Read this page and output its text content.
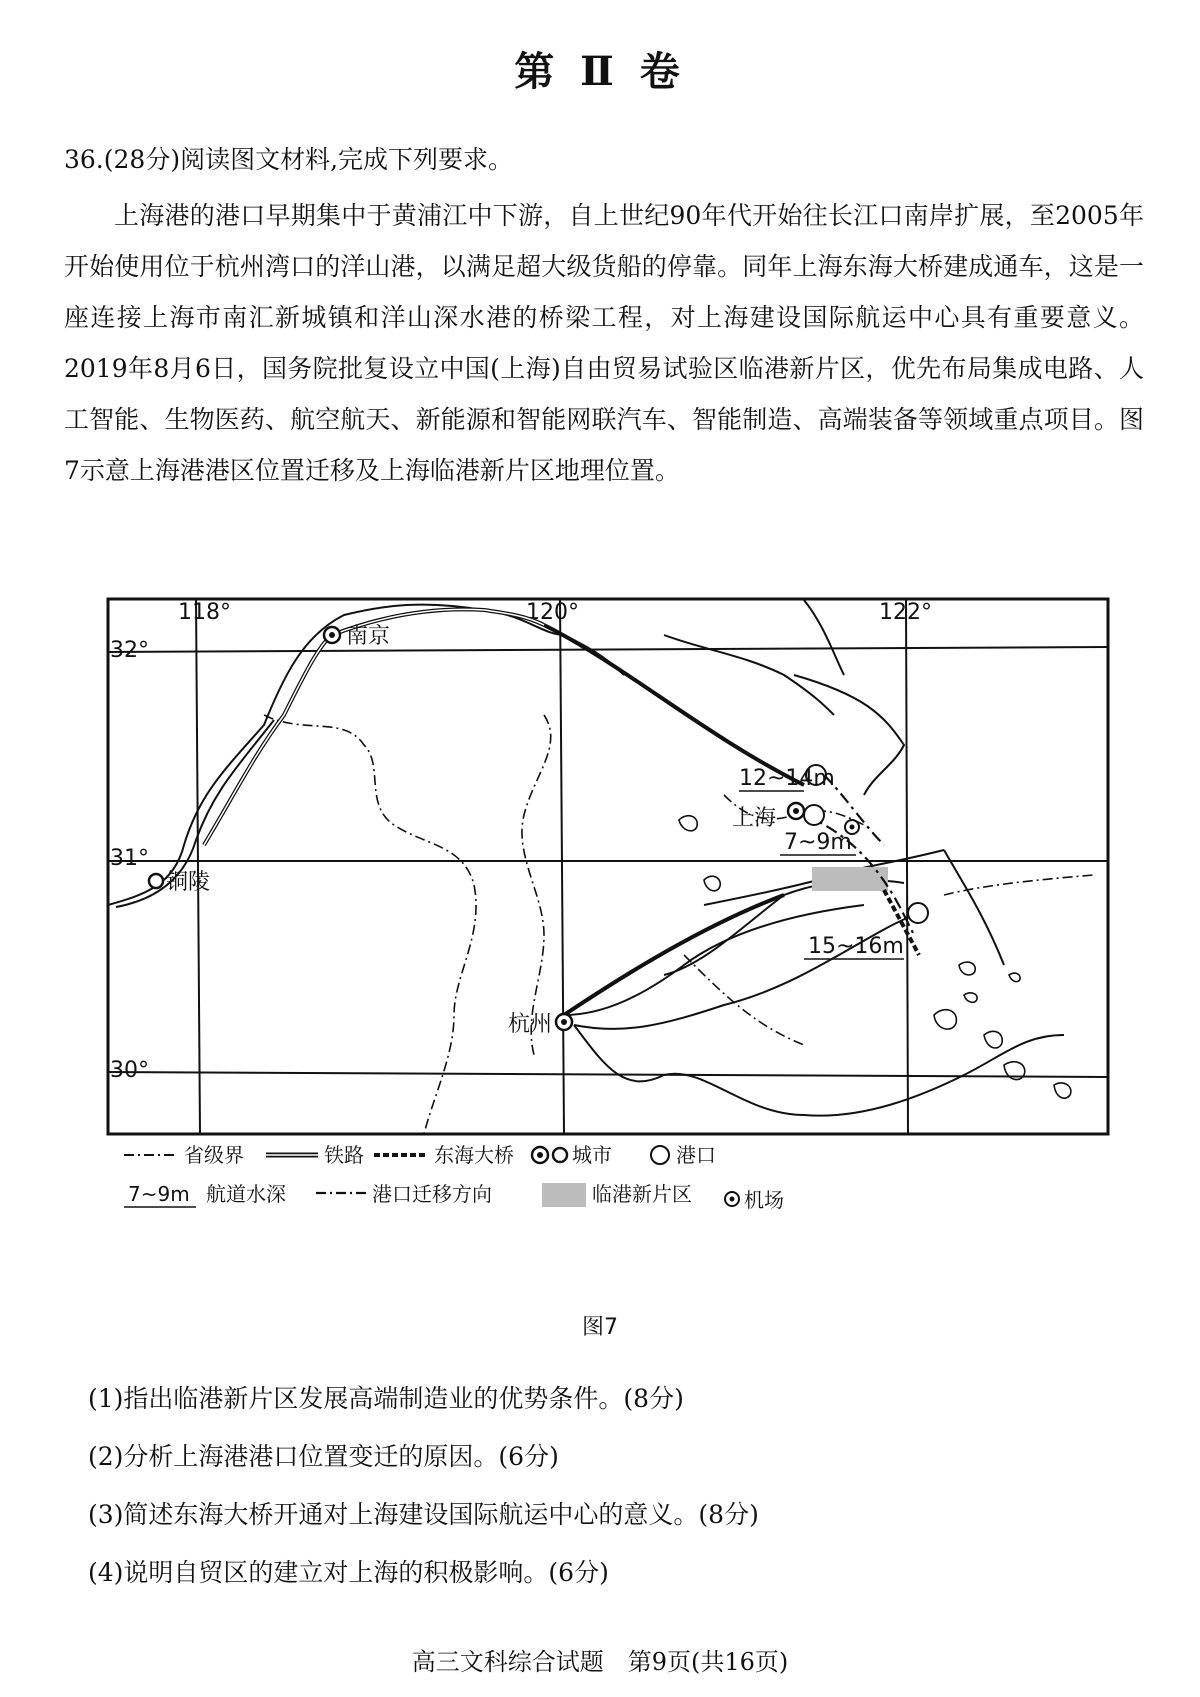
第 Ⅱ 卷
36.(28分)阅读图文材料,完成下列要求。
上海港的港口早期集中于黄浦江中下游，自上世纪90年代开始往长江口南岸扩展，至2005年开始使用位于杭州湾口的洋山港，以满足超大级货船的停靠。同年上海东海大桥建成通车，这是一座连接上海市南汇新城镇和洋山深水港的桥梁工程，对上海建设国际航运中心具有重要意义。2019年8月6日，国务院批复设立中国(上海)自由贸易试验区临港新片区，优先布局集成电路、人工智能、生物医药、航空航天、新能源和智能网联汽车、智能制造、高端装备等领域重点项目。图7示意上海港港区位置迁移及上海临港新片区地理位置。
118°	120°	122°
32°
31°
30°
南京
上海
铜陵
杭州
12~14m
7~9m
15~16m
省级界	铁路	东海大桥	城市	港口
7~9m 航道水深	港口迁移方向	临港新片区	机场
图7
(1)指出临港新片区发展高端制造业的优势条件。(8分)
(2)分析上海港港口位置变迁的原因。(6分)
(3)简述东海大桥开通对上海建设国际航运中心的意义。(8分)
(4)说明自贸区的建立对上海的积极影响。(6分)
高三文科综合试题　第9页(共16页)
